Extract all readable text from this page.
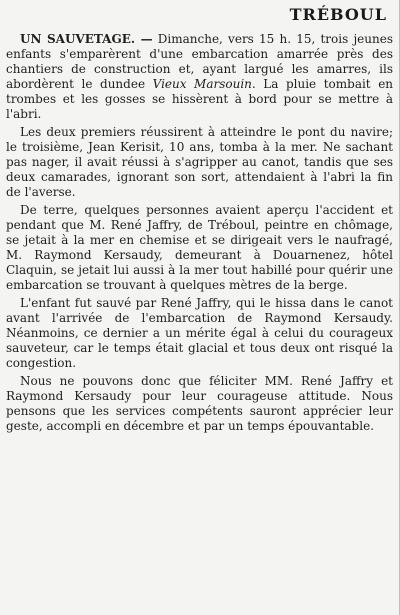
TRÉBOUL

UN SAUVETAGE. — Dimanche, vers 15 h. 15, trois jeunes enfants s'emparèrent d'une embarcation amarrée près des chantiers de construction et, ayant largué les amarres, ils abordèrent le dundee Vieux Marsouin. La pluie tombait en trombes et les gosses se hissèrent à bord pour se mettre à l'abri.

Les deux premiers réussirent à atteindre le pont du navire; le troisième, Jean Kerisit, 10 ans, tomba à la mer. Ne sachant pas nager, il avait réussi à s'agripper au canot, tandis que ses deux camarades, ignorant son sort, attendaient à l'abri la fin de l'averse.

De terre, quelques personnes avaient aperçu l'accident et pendant que M. René Jaffry, de Tréboul, peintre en chômage, se jetait à la mer en chemise et se dirigeait vers le naufragé, M. Raymond Kersaudy, demeurant à Douarnenez, hôtel Claquin, se jetait lui aussi à la mer tout habillé pour quérir une embarcation se trouvant à quelques mètres de la berge.

L'enfant fut sauvé par René Jaffry, qui le hissa dans le canot avant l'arrivée de l'embarcation de Raymond Kersaudy. Néanmoins, ce dernier a un mérite égal à celui du courageux sauveteur, car le temps était glacial et tous deux ont risqué la congestion.

Nous ne pouvons donc que féliciter MM. René Jaffry et Raymond Kersaudy pour leur courageuse attitude. Nous pensons que les services compétents sauront apprécier leur geste, accompli en décembre et par un temps épouvantable.
